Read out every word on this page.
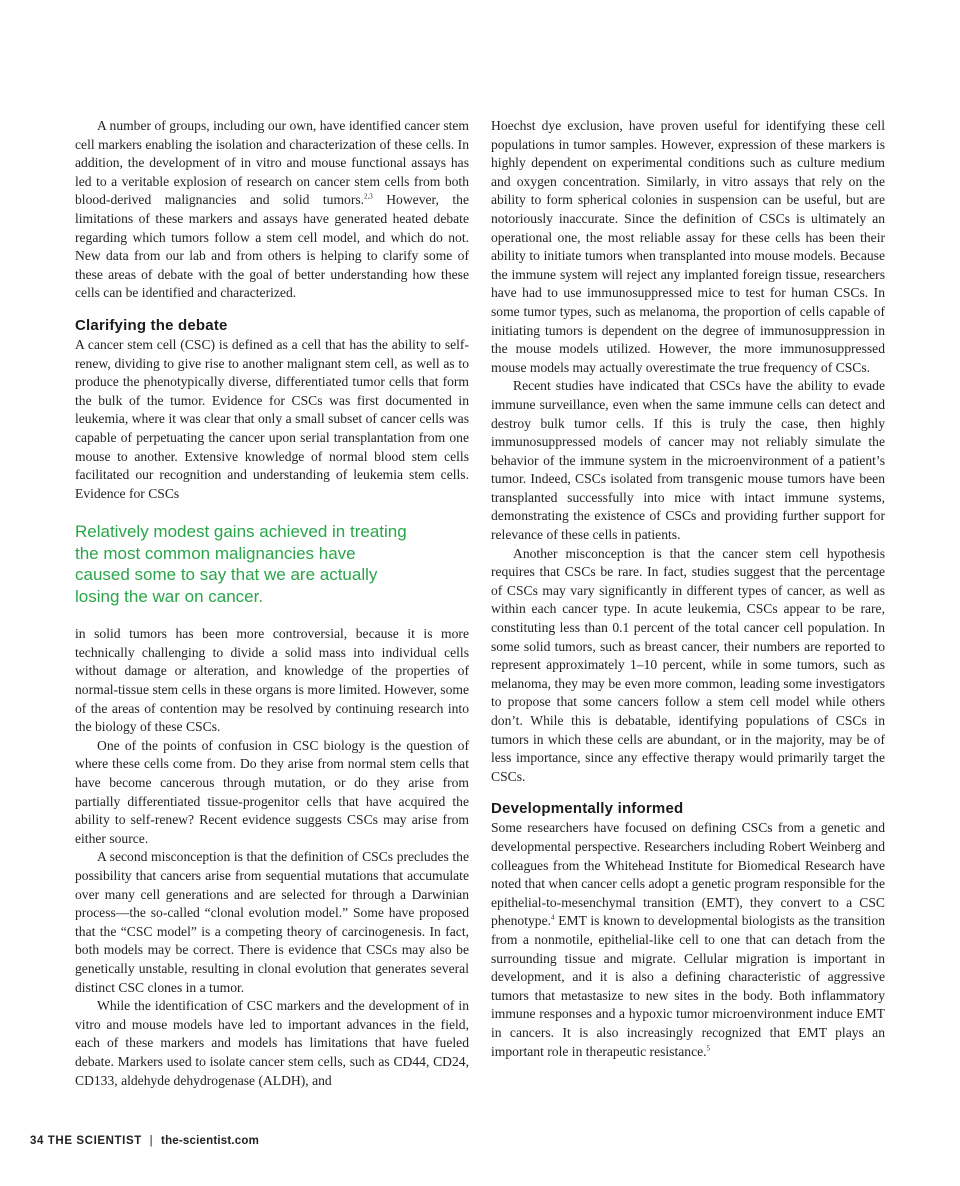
A number of groups, including our own, have identified cancer stem cell markers enabling the isolation and characterization of these cells. In addition, the development of in vitro and mouse functional assays has led to a veritable explosion of research on cancer stem cells from both blood-derived malignancies and solid tumors.$^{2,3}$ However, the limitations of these markers and assays have generated heated debate regarding which tumors follow a stem cell model, and which do not. New data from our lab and from others is helping to clarify some of these areas of debate with the goal of better understanding how these cells can be identified and characterized.

Clarifying the debate

A cancer stem cell (CSC) is defined as a cell that has the ability to self-renew, dividing to give rise to another malignant stem cell, as well as to produce the phenotypically diverse, differentiated tumor cells that form the bulk of the tumor. Evidence for CSCs was first documented in leukemia, where it was clear that only a small subset of cancer cells was capable of perpetuating the cancer upon serial transplantation from one mouse to another. Extensive knowledge of normal blood stem cells facilitated our recognition and understanding of leukemia stem cells. Evidence for CSCs

Relatively modest gains achieved in treating the most common malignancies have caused some to say that we are actually losing the war on cancer.

in solid tumors has been more controversial, because it is more technically challenging to divide a solid mass into individual cells without damage or alteration, and knowledge of the properties of normal-tissue stem cells in these organs is more limited. However, some of the areas of contention may be resolved by continuing research into the biology of these CSCs.

One of the points of confusion in CSC biology is the question of where these cells come from. Do they arise from normal stem cells that have become cancerous through mutation, or do they arise from partially differentiated tissue-progenitor cells that have acquired the ability to self-renew? Recent evidence suggests CSCs may arise from either source.

A second misconception is that the definition of CSCs precludes the possibility that cancers arise from sequential mutations that accumulate over many cell generations and are selected for through a Darwinian process—the so-called “clonal evolution model.” Some have proposed that the “CSC model” is a competing theory of carcinogenesis. In fact, both models may be correct. There is evidence that CSCs may also be genetically unstable, resulting in clonal evolution that generates several distinct CSC clones in a tumor.

While the identification of CSC markers and the development of in vitro and mouse models have led to important advances in the field, each of these markers and models has limitations that have fueled debate. Markers used to isolate cancer stem cells, such as CD44, CD24, CD133, aldehyde dehydrogenase (ALDH), and

Hoechst dye exclusion, have proven useful for identifying these cell populations in tumor samples. However, expression of these markers is highly dependent on experimental conditions such as culture medium and oxygen concentration. Similarly, in vitro assays that rely on the ability to form spherical colonies in suspension can be useful, but are notoriously inaccurate. Since the definition of CSCs is ultimately an operational one, the most reliable assay for these cells has been their ability to initiate tumors when transplanted into mouse models. Because the immune system will reject any implanted foreign tissue, researchers have had to use immunosuppressed mice to test for human CSCs. In some tumor types, such as melanoma, the proportion of cells capable of initiating tumors is dependent on the degree of immunosuppression in the mouse models utilized. However, the more immunosuppressed mouse models may actually overestimate the true frequency of CSCs.

Recent studies have indicated that CSCs have the ability to evade immune surveillance, even when the same immune cells can detect and destroy bulk tumor cells. If this is truly the case, then highly immunosuppressed models of cancer may not reliably simulate the behavior of the immune system in the microenvironment of a patient’s tumor. Indeed, CSCs isolated from transgenic mouse tumors have been transplanted successfully into mice with intact immune systems, demonstrating the existence of CSCs and providing further support for relevance of these cells in patients.

Another misconception is that the cancer stem cell hypothesis requires that CSCs be rare. In fact, studies suggest that the percentage of CSCs may vary significantly in different types of cancer, as well as within each cancer type. In acute leukemia, CSCs appear to be rare, constituting less than 0.1 percent of the total cancer cell population. In some solid tumors, such as breast cancer, their numbers are reported to represent approximately 1–10 percent, while in some tumors, such as melanoma, they may be even more common, leading some investigators to propose that some cancers follow a stem cell model while others don’t. While this is debatable, identifying populations of CSCs in tumors in which these cells are abundant, or in the majority, may be of less importance, since any effective therapy would primarily target the CSCs.

Developmentally informed

Some researchers have focused on defining CSCs from a genetic and developmental perspective. Researchers including Robert Weinberg and colleagues from the Whitehead Institute for Biomedical Research have noted that when cancer cells adopt a genetic program responsible for the epithelial-to-mesenchymal transition (EMT), they convert to a CSC phenotype.$^4$ EMT is known to developmental biologists as the transition from a nonmotile, epithelial-like cell to one that can detach from the surrounding tissue and migrate. Cellular migration is important in development, and it is also a defining characteristic of aggressive tumors that metastasize to new sites in the body. Both inflammatory immune responses and a hypoxic tumor microenvironment induce EMT in cancers. It is also increasingly recognized that EMT plays an important role in therapeutic resistance.$^5$

34 THE SCIENTIST | the-scientist.com
